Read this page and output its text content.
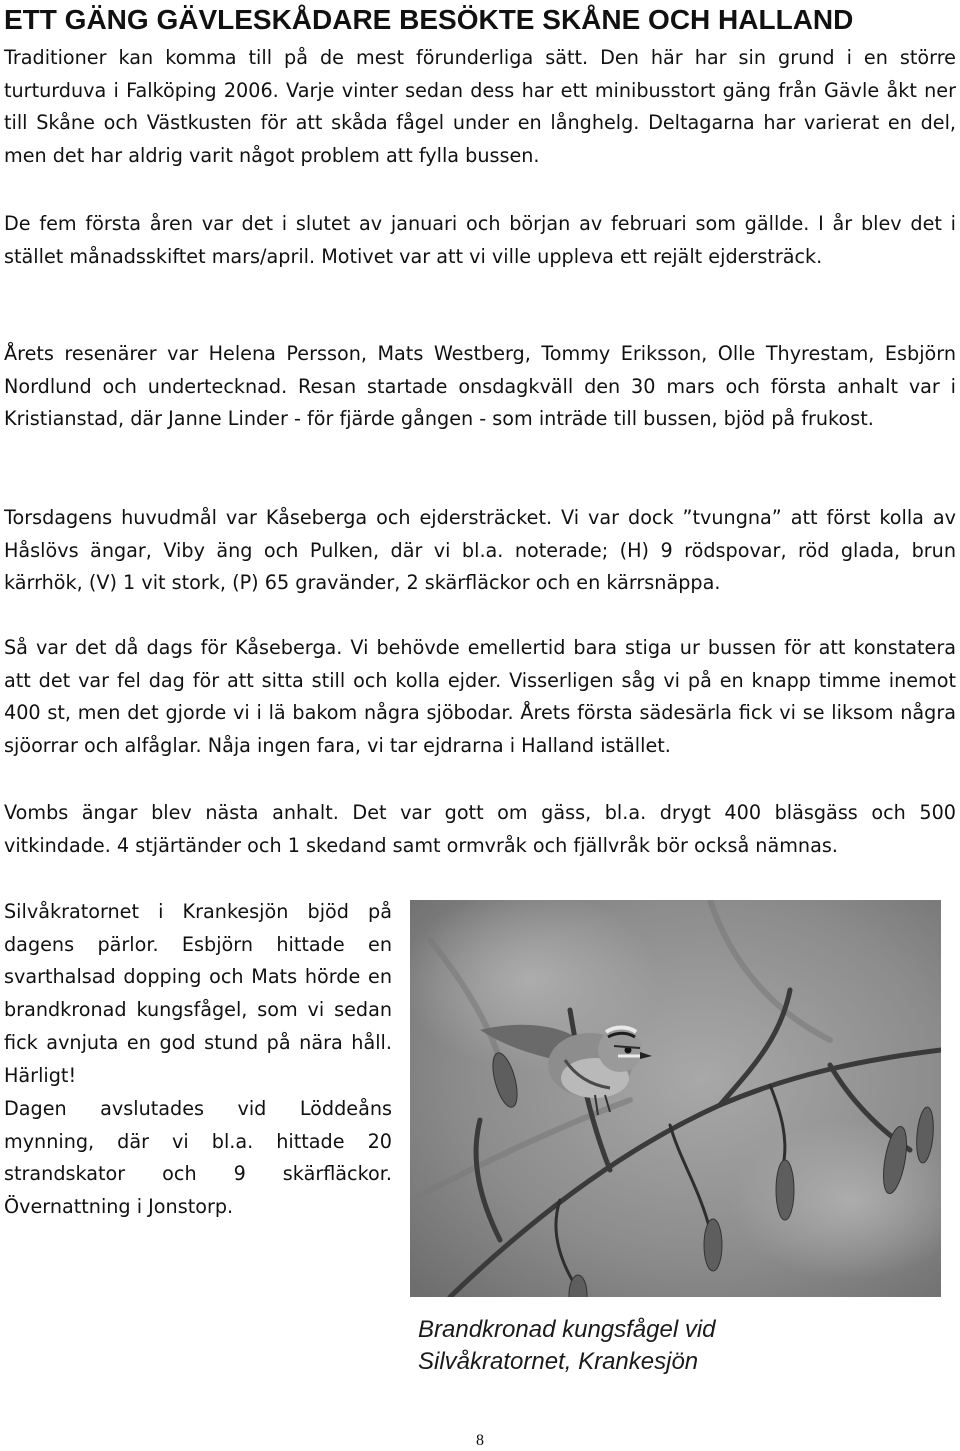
ETT GÄNG GÄVLESKÅDARE BESÖKTE SKÅNE OCH HALLAND

Traditioner kan komma till på de mest förunderliga sätt. Den här har sin grund i en större turturduva i Falköping 2006. Varje vinter sedan dess har ett minibusstort gäng från Gävle åkt ner till Skåne och Västkusten för att skåda fågel under en långhelg. Deltagarna har varierat en del, men det har aldrig varit något problem att fylla bussen.

De fem första åren var det i slutet av januari och början av februari som gällde. I år blev det i stället månadsskiftet mars/april. Motivet var att vi ville uppleva ett rejält ejdersträck.

Årets resenärer var Helena Persson, Mats Westberg, Tommy Eriksson, Olle Thyrestam, Esbjörn Nordlund och undertecknad. Resan startade onsdagkväll den 30 mars och första anhalt var i Kristianstad, där Janne Linder - för fjärde gången - som inträde till bussen, bjöd på frukost.

Torsdagens huvudmål var Kåseberga och ejdersträcket. Vi var dock ”tvungna” att först kolla av Håslövs ängar, Viby äng och Pulken, där vi bl.a. noterade; (H) 9 rödspovar, röd glada, brun kärrhök, (V) 1 vit stork, (P) 65 gravänder, 2 skärfläckor och en kärrsnäppa.

Så var det då dags för Kåseberga. Vi behövde emellertid bara stiga ur bussen för att konstatera att det var fel dag för att sitta still och kolla ejder. Visserligen såg vi på en knapp timme inemot 400 st, men det gjorde vi i lä bakom några sjöbodar. Årets första sädesärla fick vi se liksom några sjöorrar och alfåglar. Nåja ingen fara, vi tar ejdrarna i Halland istället.

Vombs ängar blev nästa anhalt. Det var gott om gäss, bl.a. drygt 400 bläsgäss och 500 vitkindade. 4 stjärtänder och 1 skedand samt ormvråk och fjällvråk bör också nämnas.

Silvåkratornet i Krankesjön bjöd på dagens pärlor. Esbjörn hittade en svarthalsad dopping och Mats hörde en brandkronad kungsfågel, som vi sedan fick avnjuta en god stund på nära håll. Härligt!

Dagen avslutades vid Löddeåns mynning, där vi bl.a. hittade 20 strandskator och 9 skärfläckor. Övernattning i Jonstorp.

Brandkronad kungsfågel vid Silvåkratornet, Krankesjön

8
